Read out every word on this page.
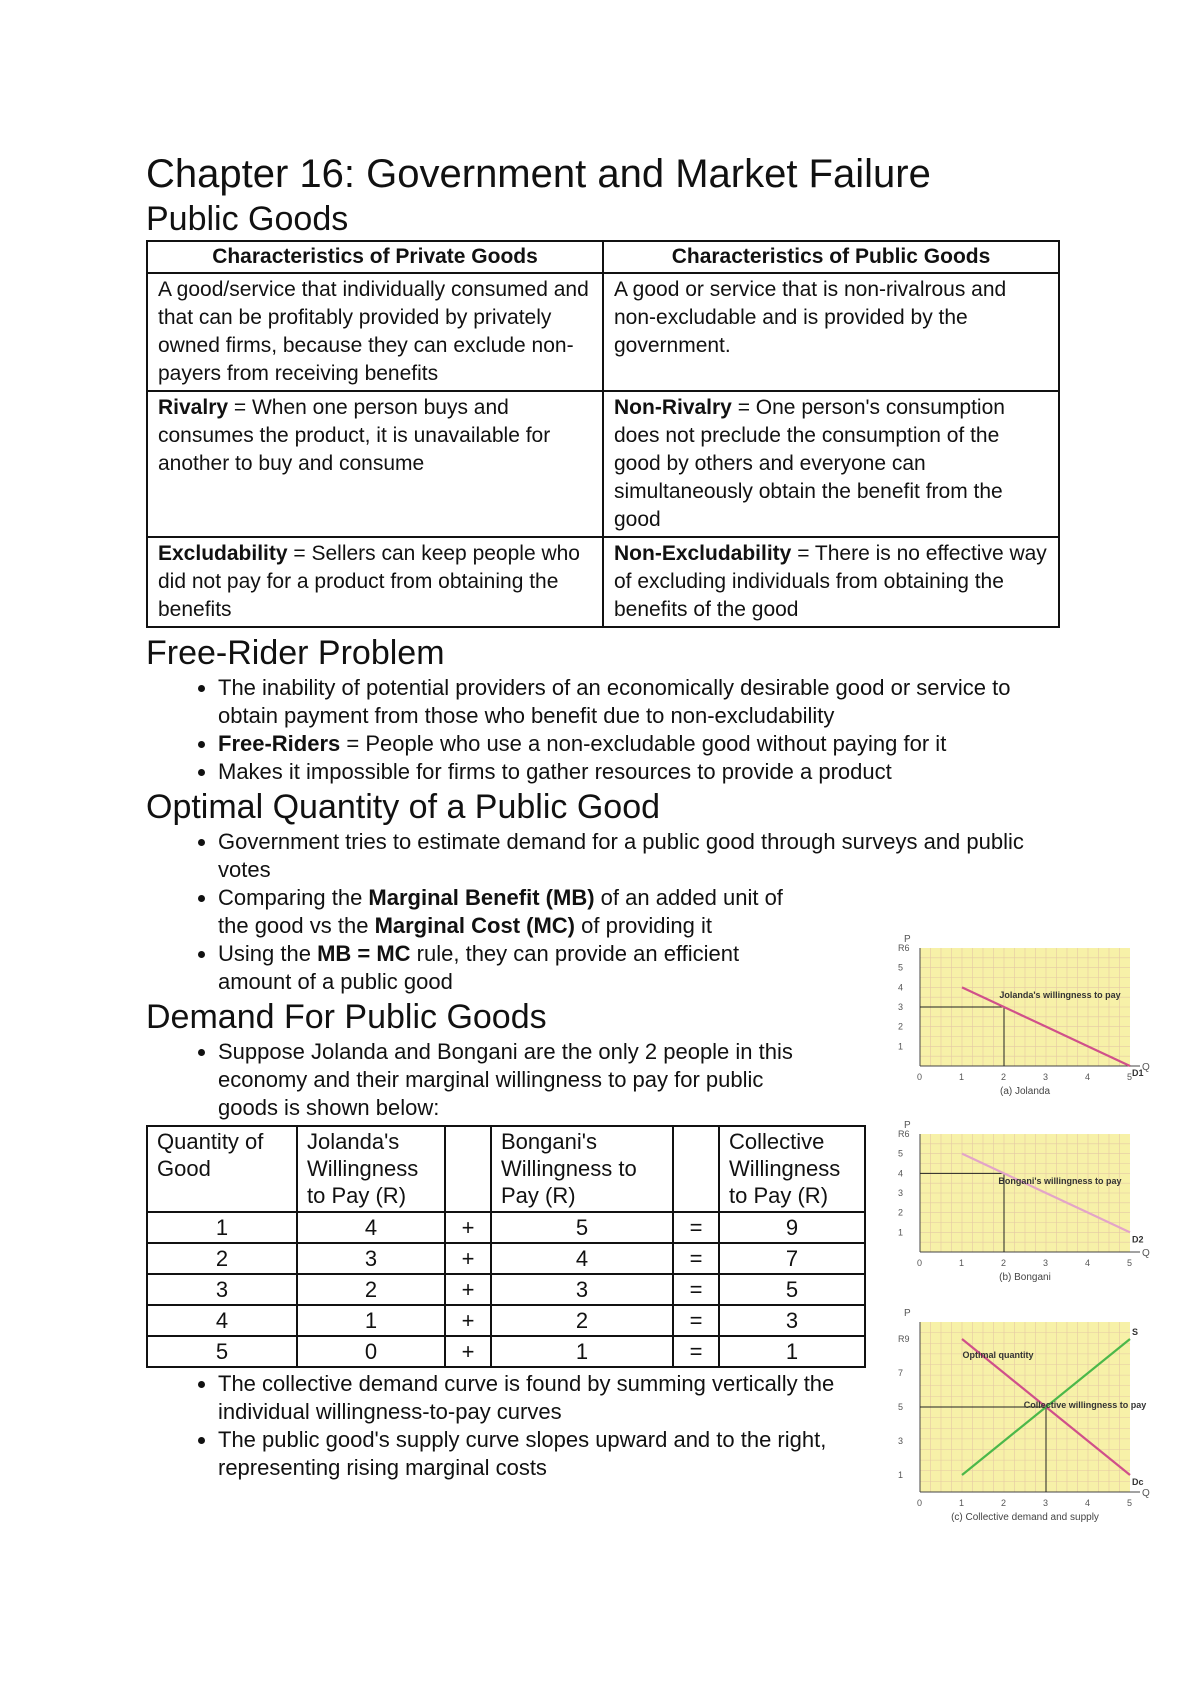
Chapter 16: Government and Market Failure
Public Goods
Characteristics of Private Goods	Characteristics of Public Goods
A good/service that individually consumed and that can be profitably provided by privately owned firms, because they can exclude non-payers from receiving benefits	A good or service that is non-rivalrous and non-excludable and is provided by the government.
Rivalry = When one person buys and consumes the product, it is unavailable for another to buy and consume	Non-Rivalry = One person's consumption does not preclude the consumption of the good by others and everyone can simultaneously obtain the benefit from the good
Excludability = Sellers can keep people who did not pay for a product from obtaining the benefits	Non-Excludability = There is no effective way of excluding individuals from obtaining the benefits of the good
Free-Rider Problem
• The inability of potential providers of an economically desirable good or service to obtain payment from those who benefit due to non-excludability
• Free-Riders = People who use a non-excludable good without paying for it
• Makes it impossible for firms to gather resources to provide a product
Optimal Quantity of a Public Good
• Government tries to estimate demand for a public good through surveys and public votes
• Comparing the Marginal Benefit (MB) of an added unit of the good vs the Marginal Cost (MC) of providing it
• Using the MB = MC rule, they can provide an efficient amount of a public good
Demand For Public Goods
• Suppose Jolanda and Bongani are the only 2 people in this economy and their marginal willingness to pay for public goods is shown below:
Quantity of Good	Jolanda's Willingness to Pay (R)		Bongani's Willingness to Pay (R)		Collective Willingness to Pay (R)
1	4	+	5	=	9
2	3	+	4	=	7
3	2	+	3	=	5
4	1	+	2	=	3
5	0	+	1	=	1
• The collective demand curve is found by summing vertically the individual willingness-to-pay curves
• The public good's supply curve slopes upward and to the right, representing rising marginal costs
P
Q
0	1	2	3	4	5
1
2
3
4
5
R6
D1
(a) Jolanda
Jolanda's willingness to pay
P
Q
0	1	2	3	4	5
1
2
3
4
5
R6
D2
(b) Bongani
Bongani's willingness to pay
P
Q
0	1	2	3	4	5
1
3
5
7
R9
Dc
S
(c) Collective demand and supply
Optimal quantity
Collective willingness to pay
